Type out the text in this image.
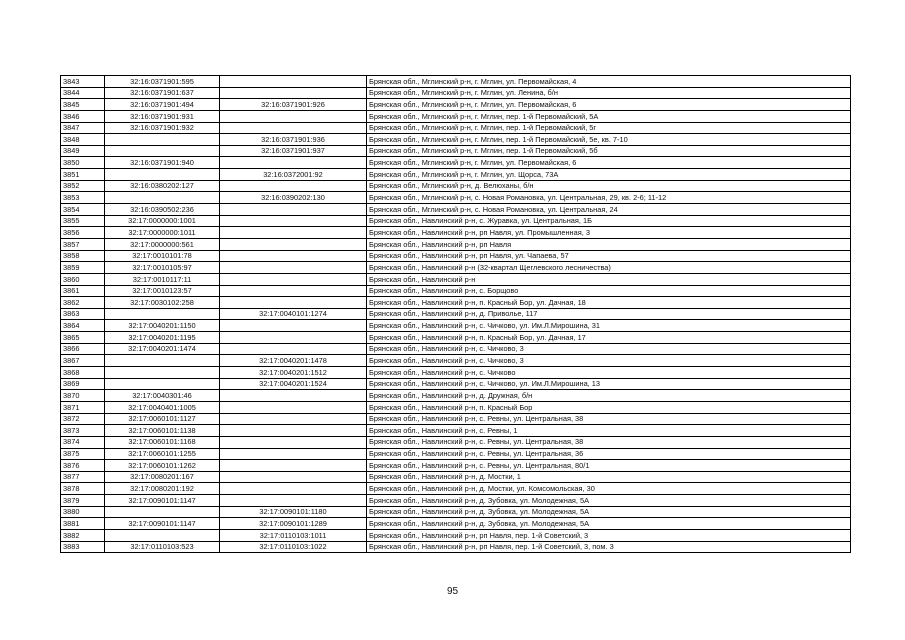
3843	32:16:0371901:595		Брянская обл., Мглинский р-н, г. Мглин, ул. Первомайская, 4
3844	32:16:0371901:637		Брянская обл., Мглинский р-н, г. Мглин, ул. Ленина, б/н
3845	32:16:0371901:494	32:16:0371901:926	Брянская обл., Мглинский р-н, г. Мглин, ул. Первомайская, 6
3846	32:16:0371901:931		Брянская обл., Мглинский р-н, г. Мглин, пер. 1-й Первомайский, 5А
3847	32:16:0371901:932		Брянская обл., Мглинский р-н, г. Мглин, пер. 1-й Первомайский, 5г
3848		32:16:0371901:936	Брянская обл., Мглинский р-н, г. Мглин, пер. 1-й Первомайский, 5е, кв. 7-10
3849		32:16:0371901:937	Брянская обл., Мглинский р-н, г. Мглин, пер. 1-й Первомайский, 5б
3850	32:16:0371901:940		Брянская обл., Мглинский р-н, г. Мглин, ул. Первомайская, 6
3851		32:16:0372001:92	Брянская обл., Мглинский р-н, г. Мглин, ул. Щорса, 73А
3852	32:16:0380202:127		Брянская обл., Мглинский р-н, д. Велюханы, б/н
3853		32:16:0390202:130	Брянская обл., Мглинский р-н, с. Новая Романовка, ул. Центральная, 29, кв. 2-6; 11-12
3854	32:16:0390502:236		Брянская обл., Мглинский р-н, с. Новая Романовка, ул. Центральная, 24
3855	32:17:0000000:1001		Брянская обл., Навлинский р-н, с. Журавка, ул. Центральная, 1Б
3856	32:17:0000000:1011		Брянская обл., Навлинский р-н, рп Навля, ул. Промышленная, 3
3857	32:17:0000000:561		Брянская обл., Навлинский р-н, рп Навля
3858	32:17:0010101:78		Брянская обл., Навлинский р-н, рп Навля, ул. Чапаева, 57
3859	32:17:0010105:97		Брянская обл., Навлинский р-н (32-квартал Щеглевского лесничества)
3860	32:17:0010117:11		Брянская обл., Навлинский р-н
3861	32:17:0010123:57		Брянская обл., Навлинский р-н, с. Борщово
3862	32:17:0030102:258		Брянская обл., Навлинский р-н, п. Красный Бор, ул. Дачная, 18
3863		32:17:0040101:1274	Брянская обл., Навлинский р-н, д. Приволье, 117
3864	32:17:0040201:1150		Брянская обл., Навлинский р-н, с. Чичково, ул. Им.Л.Мирошина, 31
3865	32:17:0040201:1195		Брянская обл., Навлинский р-н, п. Красный Бор, ул. Дачная, 17
3866	32:17:0040201:1474		Брянская обл., Навлинский р-н, с. Чичково, 3
3867		32:17:0040201:1478	Брянская обл., Навлинский р-н, с. Чичково, 3
3868		32:17:0040201:1512	Брянская обл., Навлинский р-н, с. Чичково
3869		32:17:0040201:1524	Брянская обл., Навлинский р-н, с. Чичково, ул. Им.Л.Мирошина, 13
3870	32:17:0040301:46		Брянская обл., Навлинский р-н, д. Дружная, б/н
3871	32:17:0040401:1005		Брянская обл., Навлинский р-н, п. Красный Бор
3872	32:17:0060101:1127		Брянская обл., Навлинский р-н, с. Ревны, ул. Центральная, 38
3873	32:17:0060101:1138		Брянская обл., Навлинский р-н, с. Ревны, 1
3874	32:17:0060101:1168		Брянская обл., Навлинский р-н, с. Ревны, ул. Центральная, 38
3875	32:17:0060101:1255		Брянская обл., Навлинский р-н, с. Ревны, ул. Центральная, 36
3876	32:17:0060101:1262		Брянская обл., Навлинский р-н, с. Ревны, ул. Центральная, 80/1
3877	32:17:0080201:167		Брянская обл., Навлинский р-н, д. Мостки, 1
3878	32:17:0080201:192		Брянская обл., Навлинский р-н, д. Мостки, ул. Комсомольская, 30
3879	32:17:0090101:1147		Брянская обл., Навлинский р-н, д. Зубовка, ул. Молодежная, 5А
3880		32:17:0090101:1180	Брянская обл., Навлинский р-н, д. Зубовка, ул. Молодежная, 5А
3881	32:17:0090101:1147	32:17:0090101:1289	Брянская обл., Навлинский р-н, д. Зубовка, ул. Молодежная, 5А
3882		32:17:0110103:1011	Брянская обл., Навлинский р-н, рп Навля, пер. 1-й Советский, 3
3883	32:17:0110103:523	32:17:0110103:1022	Брянская обл., Навлинский р-н, рп Навля, пер. 1-й Советский, 3, пом. 3
95
